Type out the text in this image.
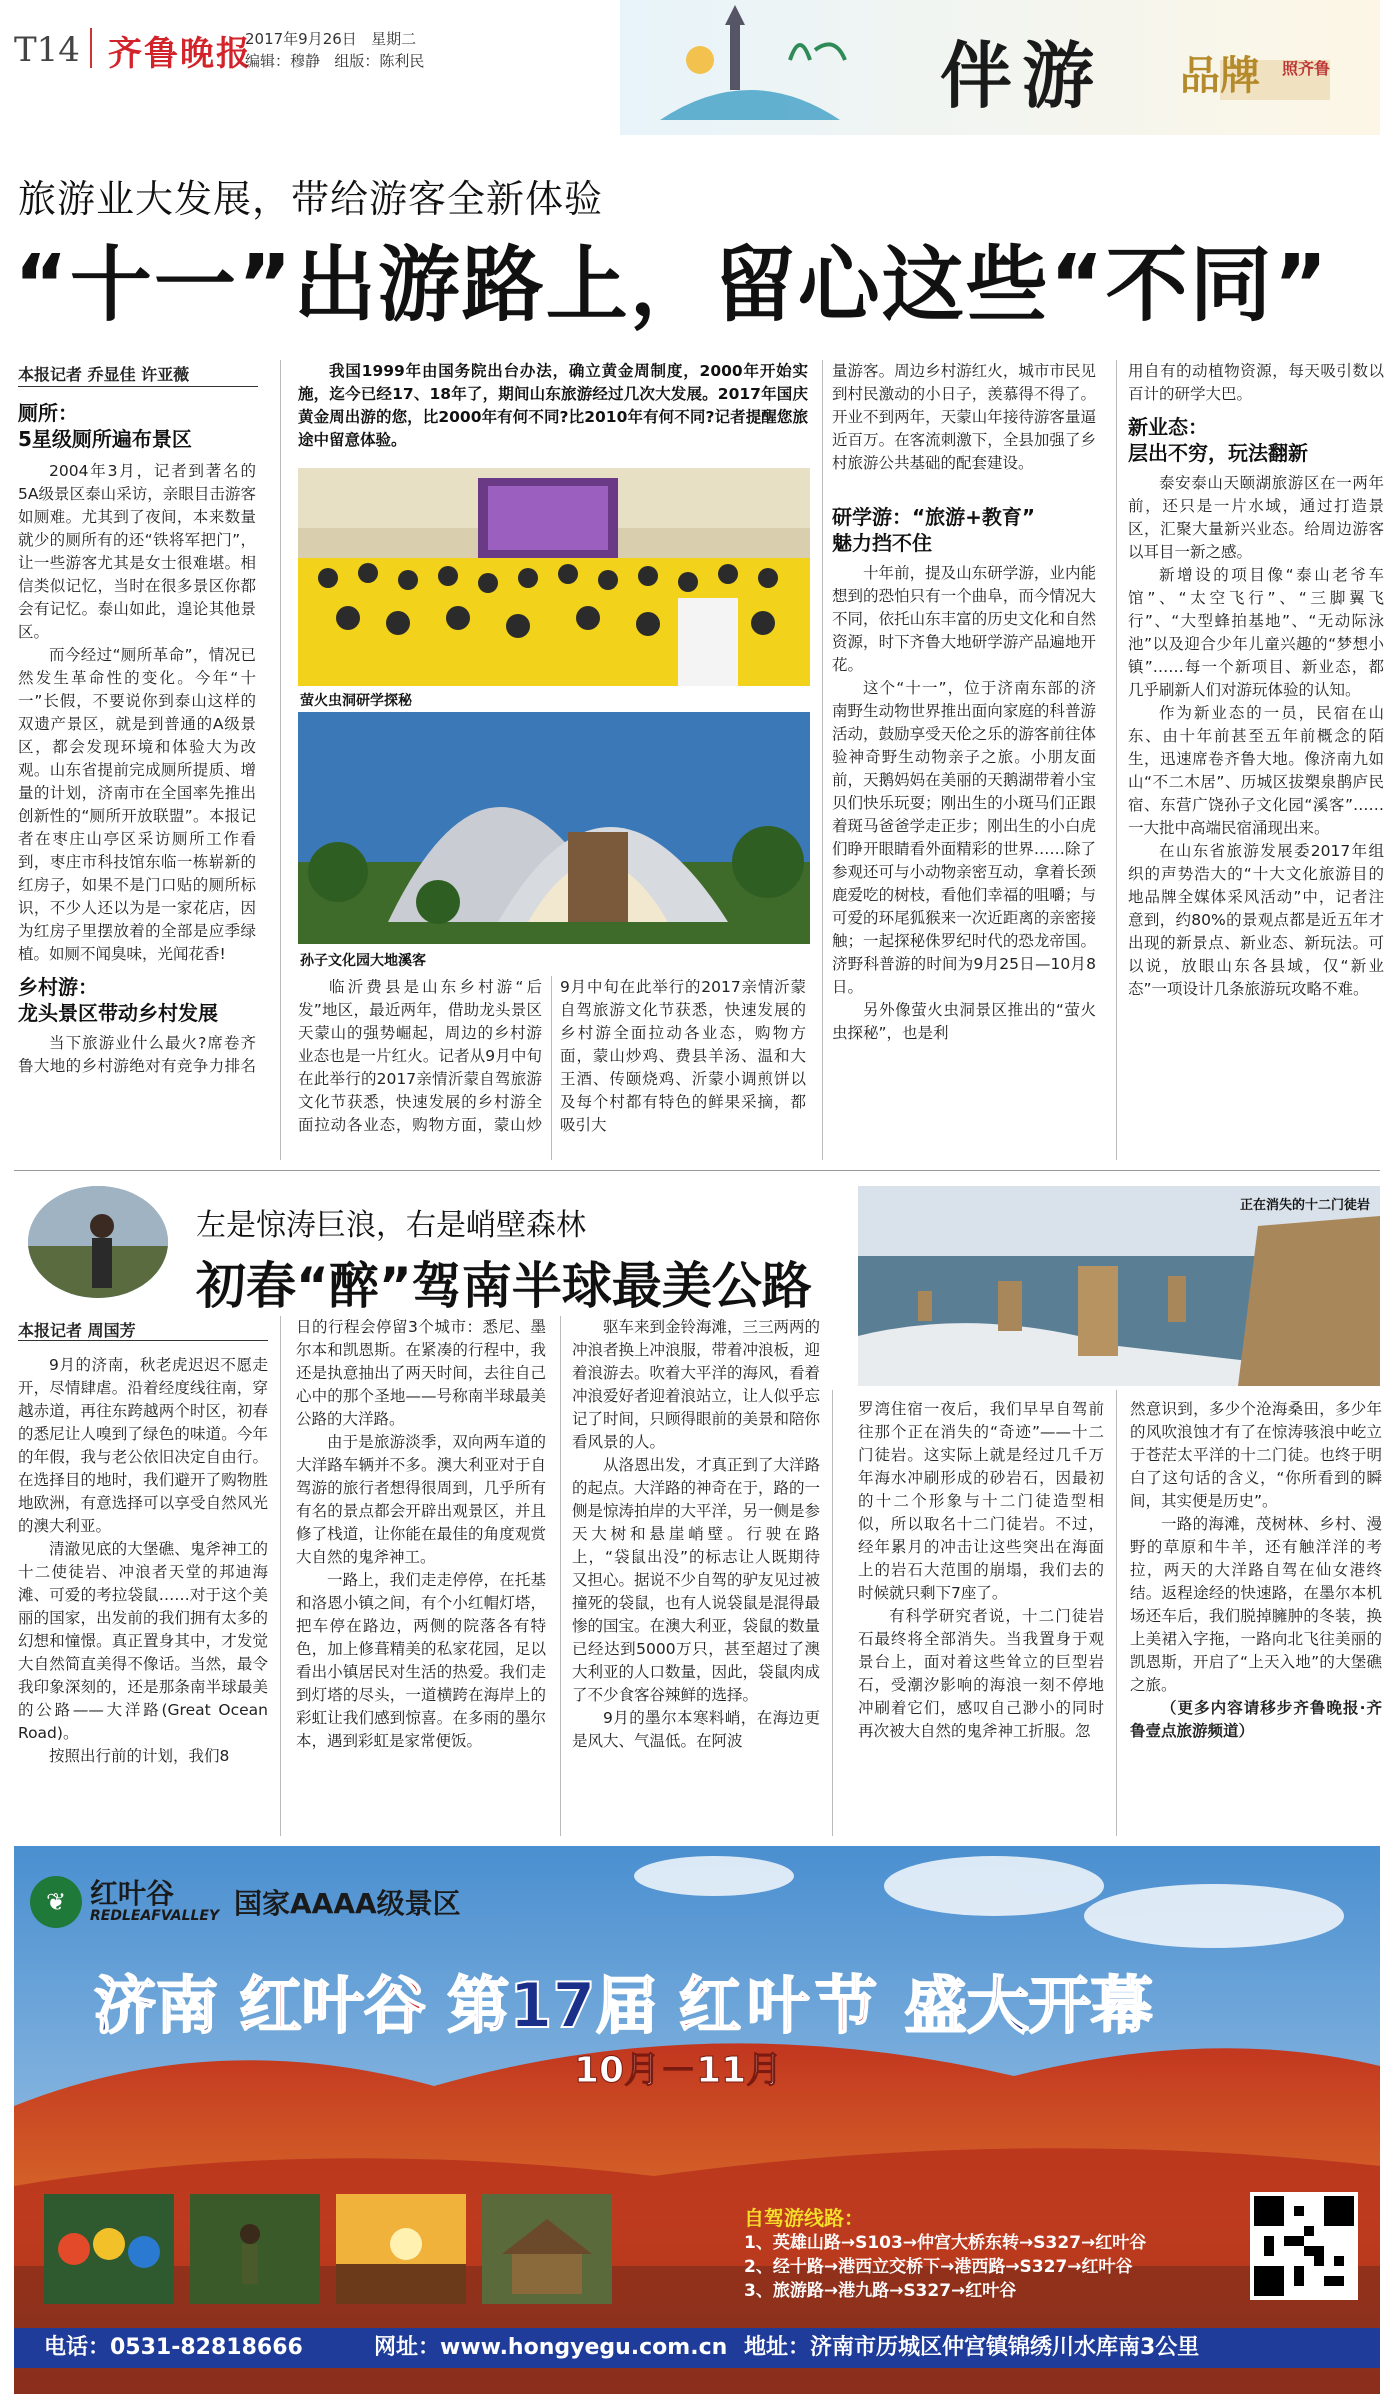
T14 齐鲁晚报
2017年9月26日 星期二
编辑：穆静 组版：陈利民	伴游 品牌 照齐鲁
旅游业大发展，带给游客全新体验
“十一”出游路上，留心这些“不同”
本报记者 乔显佳 许亚薇
厕所：
5星级厕所遍布景区
2004年3月，记者到著名的5A级景区泰山采访，亲眼目击游客如厕难。尤其到了夜间，本来数量就少的厕所有的还“铁将军把门”，让一些游客尤其是女士很难堪。相信类似记忆，当时在很多景区你都会有记忆。泰山如此，遑论其他景区。
而今经过“厕所革命”，情况已然发生革命性的变化。今年“十一”长假，不要说你到泰山这样的双遗产景区，就是到普通的A级景区，都会发现环境和体验大为改观。山东省提前完成厕所提质、增量的计划，济南市在全国率先推出创新性的“厕所开放联盟”。本报记者在枣庄山亭区采访厕所工作看到，枣庄市科技馆东临一栋崭新的红房子，如果不是门口贴的厕所标识，不少人还以为是一家花店，因为红房子里摆放着的全部是应季绿植。如厕不闻臭味，光闻花香!
乡村游：
龙头景区带动乡村发展
当下旅游业什么最火?席卷齐鲁大地的乡村游绝对有竞争力排名
我国1999年由国务院出台办法，确立黄金周制度，2000年开始实施，迄今已经17、18年了，期间山东旅游经过几次大发展。2017年国庆黄金周出游的您，比2000年有何不同?比2010年有何不同?记者提醒您旅途中留意体验。
萤火虫洞研学探秘
孙子文化园大地溪客
临沂费县是山东乡村游“后发”地区，最近两年，借助龙头景区天蒙山的强势崛起，周边的乡村游业态也是一片红火。记者从9月中旬在此举行的2017亲情沂蒙自驾旅游文化节获悉，快速发展的乡村游全面拉动各业态，购物方面，蒙山炒
9月中旬在此举行的2017亲情沂蒙自驾旅游文化节获悉，快速发展的乡村游全面拉动各业态，购物方面，蒙山炒鸡、费县羊汤、温和大王酒、传颐烧鸡、沂蒙小调煎饼以及每个村都有特色的鲜果采摘，都吸引大
量游客。周边乡村游红火，城市市民见到村民激动的小日子，羡慕得不得了。开业不到两年，天蒙山年接待游客量逼近百万。在客流刺激下，全县加强了乡村旅游公共基础的配套建设。
研学游：“旅游+教育”
魅力挡不住
十年前，提及山东研学游，业内能想到的恐怕只有一个曲阜，而今情况大不同，依托山东丰富的历史文化和自然资源，时下齐鲁大地研学游产品遍地开花。
这个“十一”，位于济南东部的济南野生动物世界推出面向家庭的科普游活动，鼓励享受天伦之乐的游客前往体验神奇野生动物亲子之旅。小朋友面前，天鹅妈妈在美丽的天鹅湖带着小宝贝们快乐玩耍；刚出生的小斑马们正跟着斑马爸爸学走正步；刚出生的小白虎们睁开眼睛看外面精彩的世界……除了参观还可与小动物亲密互动，拿着长颈鹿爱吃的树枝，看他们幸福的咀嚼；与可爱的环尾狐猴来一次近距离的亲密接触；一起探秘侏罗纪时代的恐龙帝国。济野科普游的时间为9月25日—10月8日。
另外像萤火虫洞景区推出的“萤火虫探秘”，也是利
用自有的动植物资源，每天吸引数以百计的研学大巴。
新业态：
层出不穷，玩法翻新
泰安泰山天颐湖旅游区在一两年前，还只是一片水域，通过打造景区，汇聚大量新兴业态。给周边游客以耳目一新之感。
新增设的项目像“泰山老爷车馆”、“太空飞行”、“三脚翼飞行”、“大型蜂拍基地”、“无动际泳池”以及迎合少年儿童兴趣的“梦想小镇”……每一个新项目、新业态，都几乎刷新人们对游玩体验的认知。
作为新业态的一员，民宿在山东、由十年前甚至五年前概念的陌生，迅速席卷齐鲁大地。像济南九如山“不二木居”、历城区拔槊泉鹊庐民宿、东营广饶孙子文化园“溪客”……一大批中高端民宿涌现出来。
在山东省旅游发展委2017年组织的声势浩大的“十大文化旅游目的地品牌全媒体采风活动”中，记者注意到，约80%的景观点都是近五年才出现的新景点、新业态、新玩法。可以说，放眼山东各县域，仅“新业态”一项设计几条旅游玩攻略不难。
左是惊涛巨浪，右是峭壁森林
初春“醉”驾南半球最美公路
正在消失的十二门徒岩
本报记者 周国芳
9月的济南，秋老虎迟迟不愿走开，尽情肆虐。沿着经度线往南，穿越赤道，再往东跨越两个时区，初春的悉尼让人嗅到了绿色的味道。今年的年假，我与老公依旧决定自由行。在选择目的地时，我们避开了购物胜地欧洲，有意选择可以享受自然风光的澳大利亚。
清澈见底的大堡礁、鬼斧神工的十二使徒岩、冲浪者天堂的邦迪海滩、可爱的考拉袋鼠……对于这个美丽的国家，出发前的我们拥有太多的幻想和憧憬。真正置身其中，才发觉大自然简直美得不像话。当然，最令我印象深刻的，还是那条南半球最美的公路——大洋路(Great Ocean Road)。
按照出行前的计划，我们8
日的行程会停留3个城市：悉尼、墨尔本和凯恩斯。在紧凑的行程中，我还是执意抽出了两天时间，去往自己心中的那个圣地——号称南半球最美公路的大洋路。
由于是旅游淡季，双向两车道的大洋路车辆并不多。澳大利亚对于自驾游的旅行者想得很周到，几乎所有有名的景点都会开辟出观景区，并且修了栈道，让你能在最佳的角度观赏大自然的鬼斧神工。
一路上，我们走走停停，在托基和洛恩小镇之间，有个小红帽灯塔，把车停在路边，两侧的院落各有特色，加上修葺精美的私家花园，足以看出小镇居民对生活的热爱。我们走到灯塔的尽头，一道横跨在海岸上的彩虹让我们感到惊喜。在多雨的墨尔本，遇到彩虹是家常便饭。
驱车来到金铃海滩，三三两两的冲浪者换上冲浪服，带着冲浪板，迎着浪游去。吹着大平洋的海风，看着冲浪爱好者迎着浪站立，让人似乎忘记了时间，只顾得眼前的美景和陪你看风景的人。
从洛恩出发，才真正到了大洋路的起点。大洋路的神奇在于，路的一侧是惊涛拍岸的大平洋，另一侧是参天大树和悬崖峭壁。行驶在路上，“袋鼠出没”的标志让人既期待又担心。据说不少自驾的驴友见过被撞死的袋鼠，也有人说袋鼠是混得最惨的国宝。在澳大利亚，袋鼠的数量已经达到5000万只，甚至超过了澳大利亚的人口数量，因此，袋鼠肉成了不少食客谷辣鲜的选择。
9月的墨尔本寒料峭，在海边更是风大、气温低。在阿波
罗湾住宿一夜后，我们早早自驾前往那个正在消失的“奇迹”——十二门徒岩。这实际上就是经过几千万年海水冲刷形成的砂岩石，因最初的十二个形象与十二门徒造型相似，所以取名十二门徒岩。不过，经年累月的冲击让这些突出在海面上的岩石大范围的崩塌，我们去的时候就只剩下7座了。
有科学研究者说，十二门徒岩石最终将全部消失。当我置身于观景台上，面对着这些耸立的巨型岩石，受潮汐影响的海浪一刻不停地冲刷着它们，感叹自己渺小的同时再次被大自然的鬼斧神工折服。忽
然意识到，多少个沧海桑田，多少年的风吹浪蚀才有了在惊涛骇浪中屹立于苍茫太平洋的十二门徒。也终于明白了这句话的含义，“你所看到的瞬间，其实便是历史”。
一路的海滩，茂树林、乡村、漫野的草原和牛羊，还有触洋洋的考拉，两天的大洋路自驾在仙女港终结。返程途经的快速路，在墨尔本机场还车后，我们脱掉臃肿的冬装，换上美裙入字拖，一路向北飞往美丽的凯恩斯，开启了“上天入地”的大堡礁之旅。
（更多内容请移步齐鲁晚报·齐鲁壹点旅游频道）
❦ 红叶谷
REDLEAFVALLEY 国家AAAA级景区
济南 红叶谷 第17届 红叶节 盛大开幕
10月－11月
自驾游线路：
1、英雄山路→S103→仲宫大桥东转→S327→红叶谷
2、经十路→港西立交桥下→港西路→S327→红叶谷
3、旅游路→港九路→S327→红叶谷
电话：0531-82818666	网址：www.hongyegu.com.cn 地址：济南市历城区仲宫镇锦绣川水库南3公里
